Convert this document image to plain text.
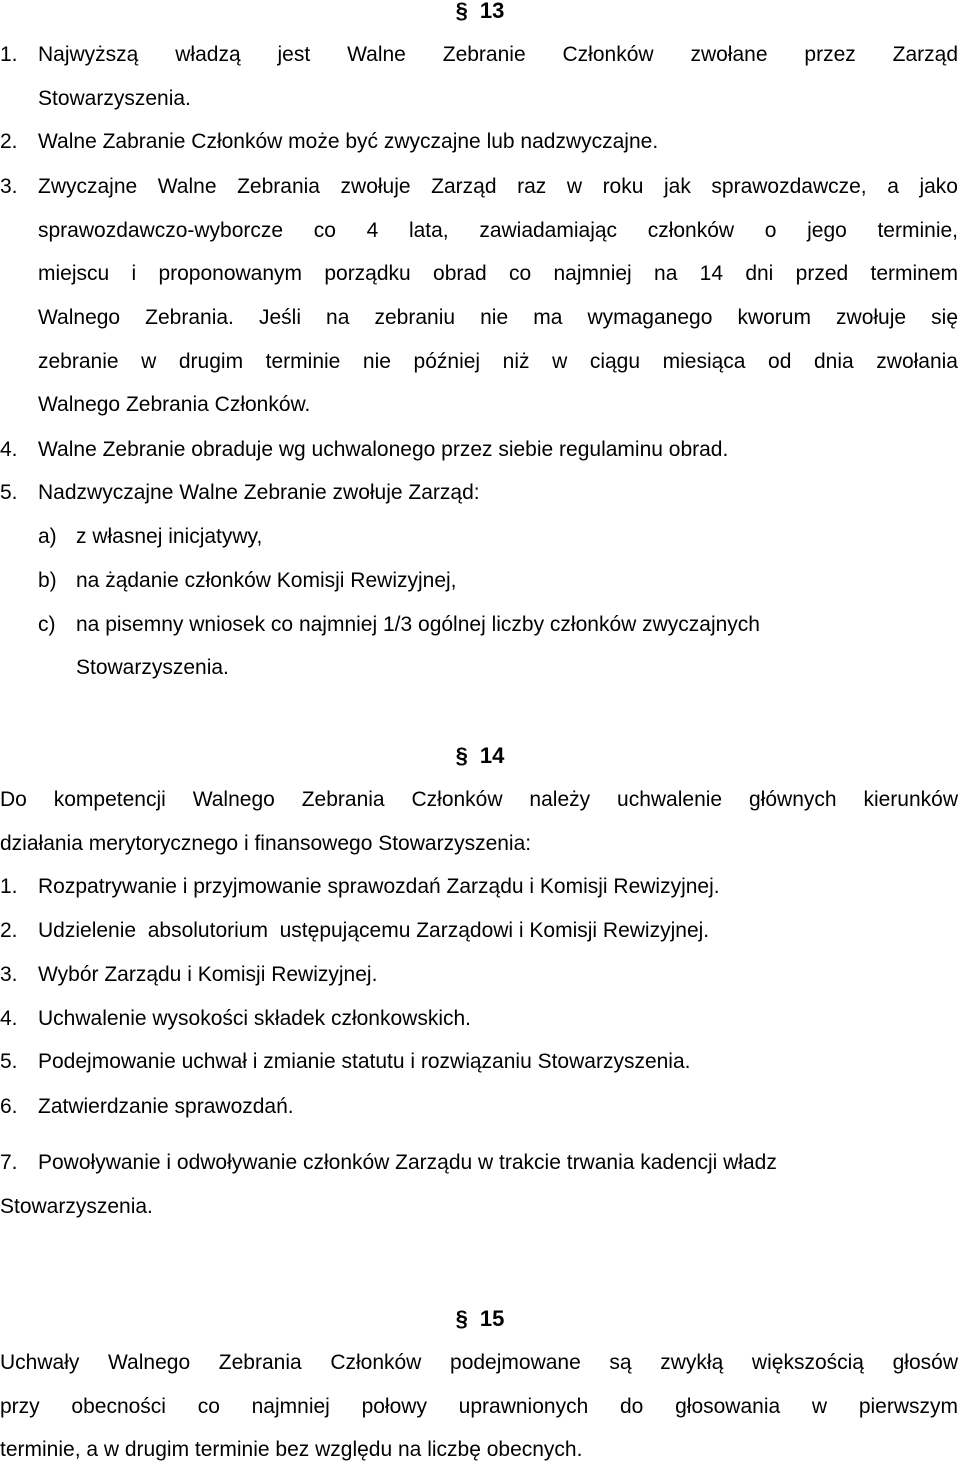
§ 13
1. Najwyższą władzą jest Walne Zebranie Członków zwołane przez Zarząd
Stowarzyszenia.
2. Walne Zabranie Członków może być zwyczajne lub nadzwyczajne.
3. Zwyczajne Walne Zebrania zwołuje Zarząd raz w roku jak sprawozdawcze, a jako
sprawozdawczo-wyborcze co 4 lata, zawiadamiając członków o jego terminie,
miejscu i proponowanym porządku obrad co najmniej na 14 dni przed terminem
Walnego Zebrania. Jeśli na zebraniu nie ma wymaganego kworum zwołuje się
zebranie w drugim terminie nie później niż w ciągu miesiąca od dnia zwołania
Walnego Zebrania Członków.
4. Walne Zebranie obraduje wg uchwalonego przez siebie regulaminu obrad.
5. Nadzwyczajne Walne Zebranie zwołuje Zarząd:
a) z własnej inicjatywy,
b) na żądanie członków Komisji Rewizyjnej,
c) na pisemny wniosek co najmniej 1/3 ogólnej liczby członków zwyczajnych
Stowarzyszenia.
§ 14
Do kompetencji Walnego Zebrania Członków należy uchwalenie głównych kierunków
działania merytorycznego i finansowego Stowarzyszenia:
1. Rozpatrywanie i przyjmowanie sprawozdań Zarządu i Komisji Rewizyjnej.
2. Udzielenie  absolutorium  ustępującemu Zarządowi i Komisji Rewizyjnej.
3. Wybór Zarządu i Komisji Rewizyjnej.
4. Uchwalenie wysokości składek członkowskich.
5. Podejmowanie uchwał i zmianie statutu i rozwiązaniu Stowarzyszenia.
6. Zatwierdzanie sprawozdań.
7. Powoływanie i odwoływanie członków Zarządu w trakcie trwania kadencji władz
Stowarzyszenia.
§ 15
Uchwały Walnego Zebrania Członków podejmowane są zwykłą większością głosów
przy obecności co najmniej połowy uprawnionych do głosowania w pierwszym
terminie, a w drugim terminie bez względu na liczbę obecnych.
